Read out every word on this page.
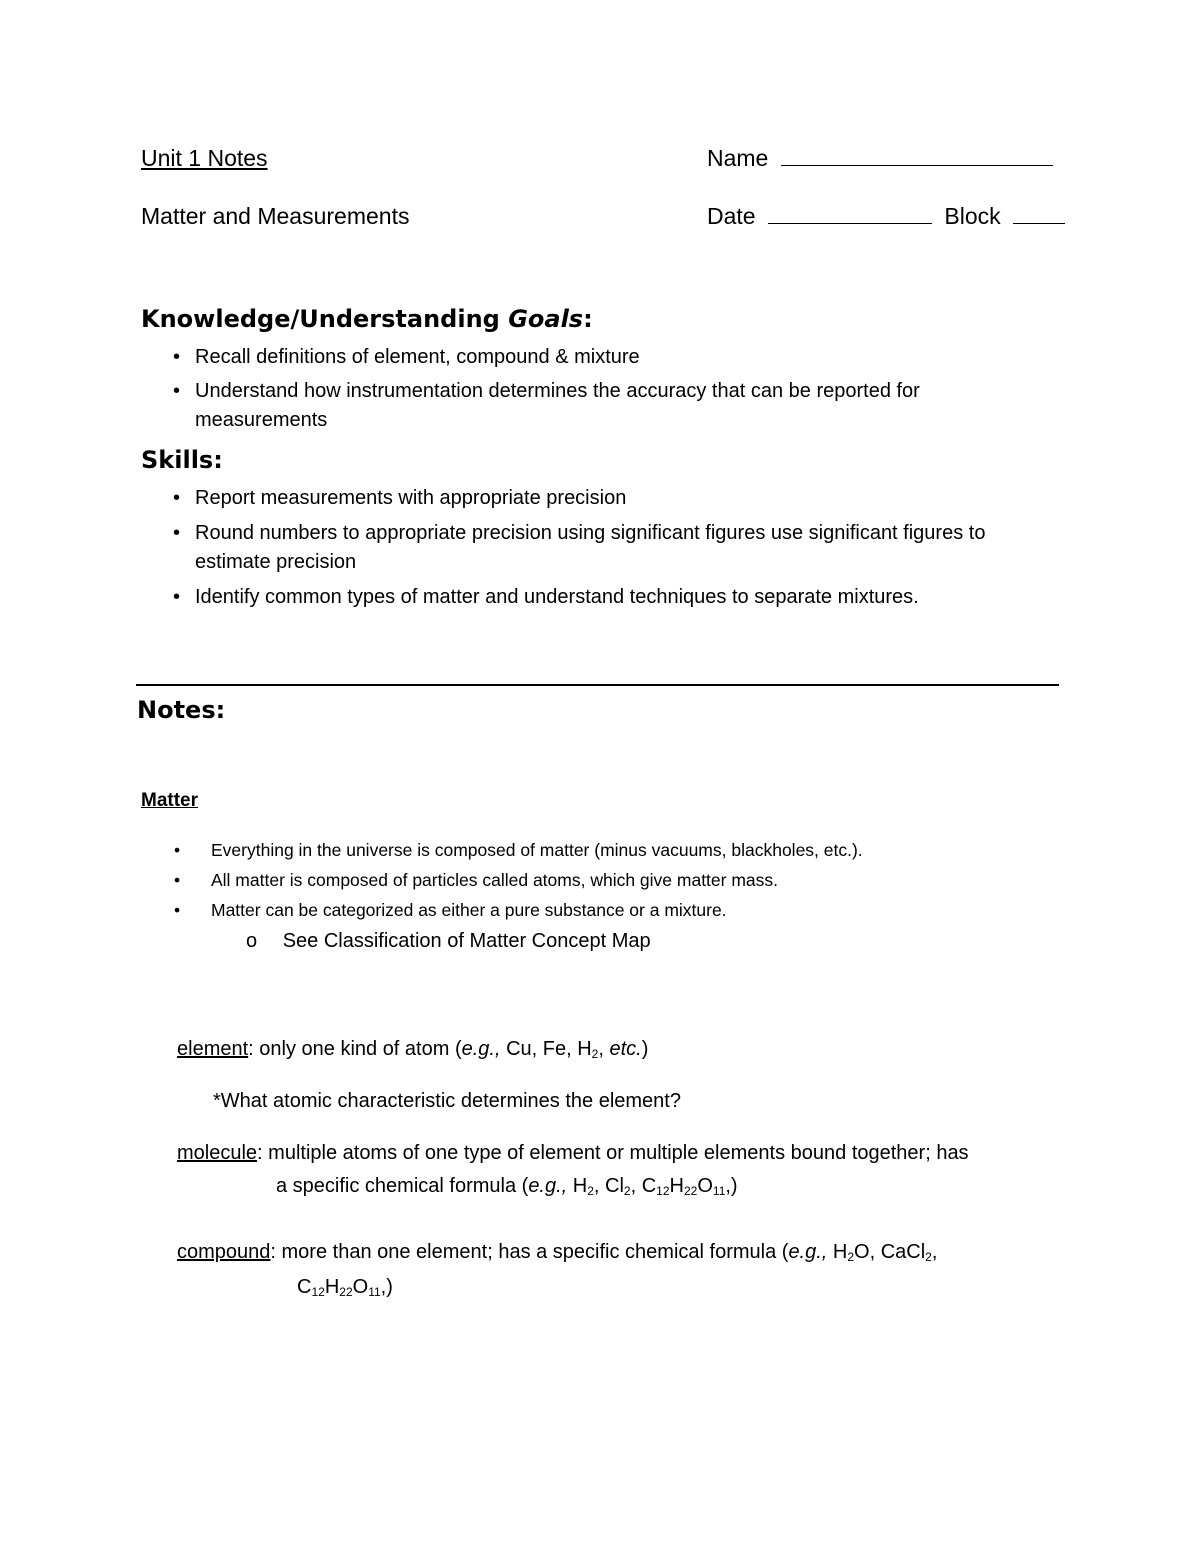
Unit 1 Notes
Matter and Measurements
Name
Date	Block
Knowledge/Understanding Goals:
• Recall definitions of element, compound & mixture
• Understand how instrumentation determines the accuracy that can be reported for
measurements
Skills:
• Report measurements with appropriate precision
• Round numbers to appropriate precision using significant figures use significant figures to
estimate precision
• Identify common types of matter and understand techniques to separate mixtures.
Notes:
Matter
• Everything in the universe is composed of matter (minus vacuums, blackholes, etc.).
• All matter is composed of particles called atoms, which give matter mass.
• Matter can be categorized as either a pure substance or a mixture.
o See Classification of Matter Concept Map
element: only one kind of atom (e.g., Cu, Fe, $H_2$, etc.)
*What atomic characteristic determines the element?
molecule: multiple atoms of one type of element or multiple elements bound together; has
a specific chemical formula (e.g., $H_2$, $Cl_2$, $C_{12}H_{22}O_{11}$,)
compound: more than one element; has a specific chemical formula (e.g., $H_2O$, CaCl$_2$,
$C_{12}H_{22}O_{11}$,)
